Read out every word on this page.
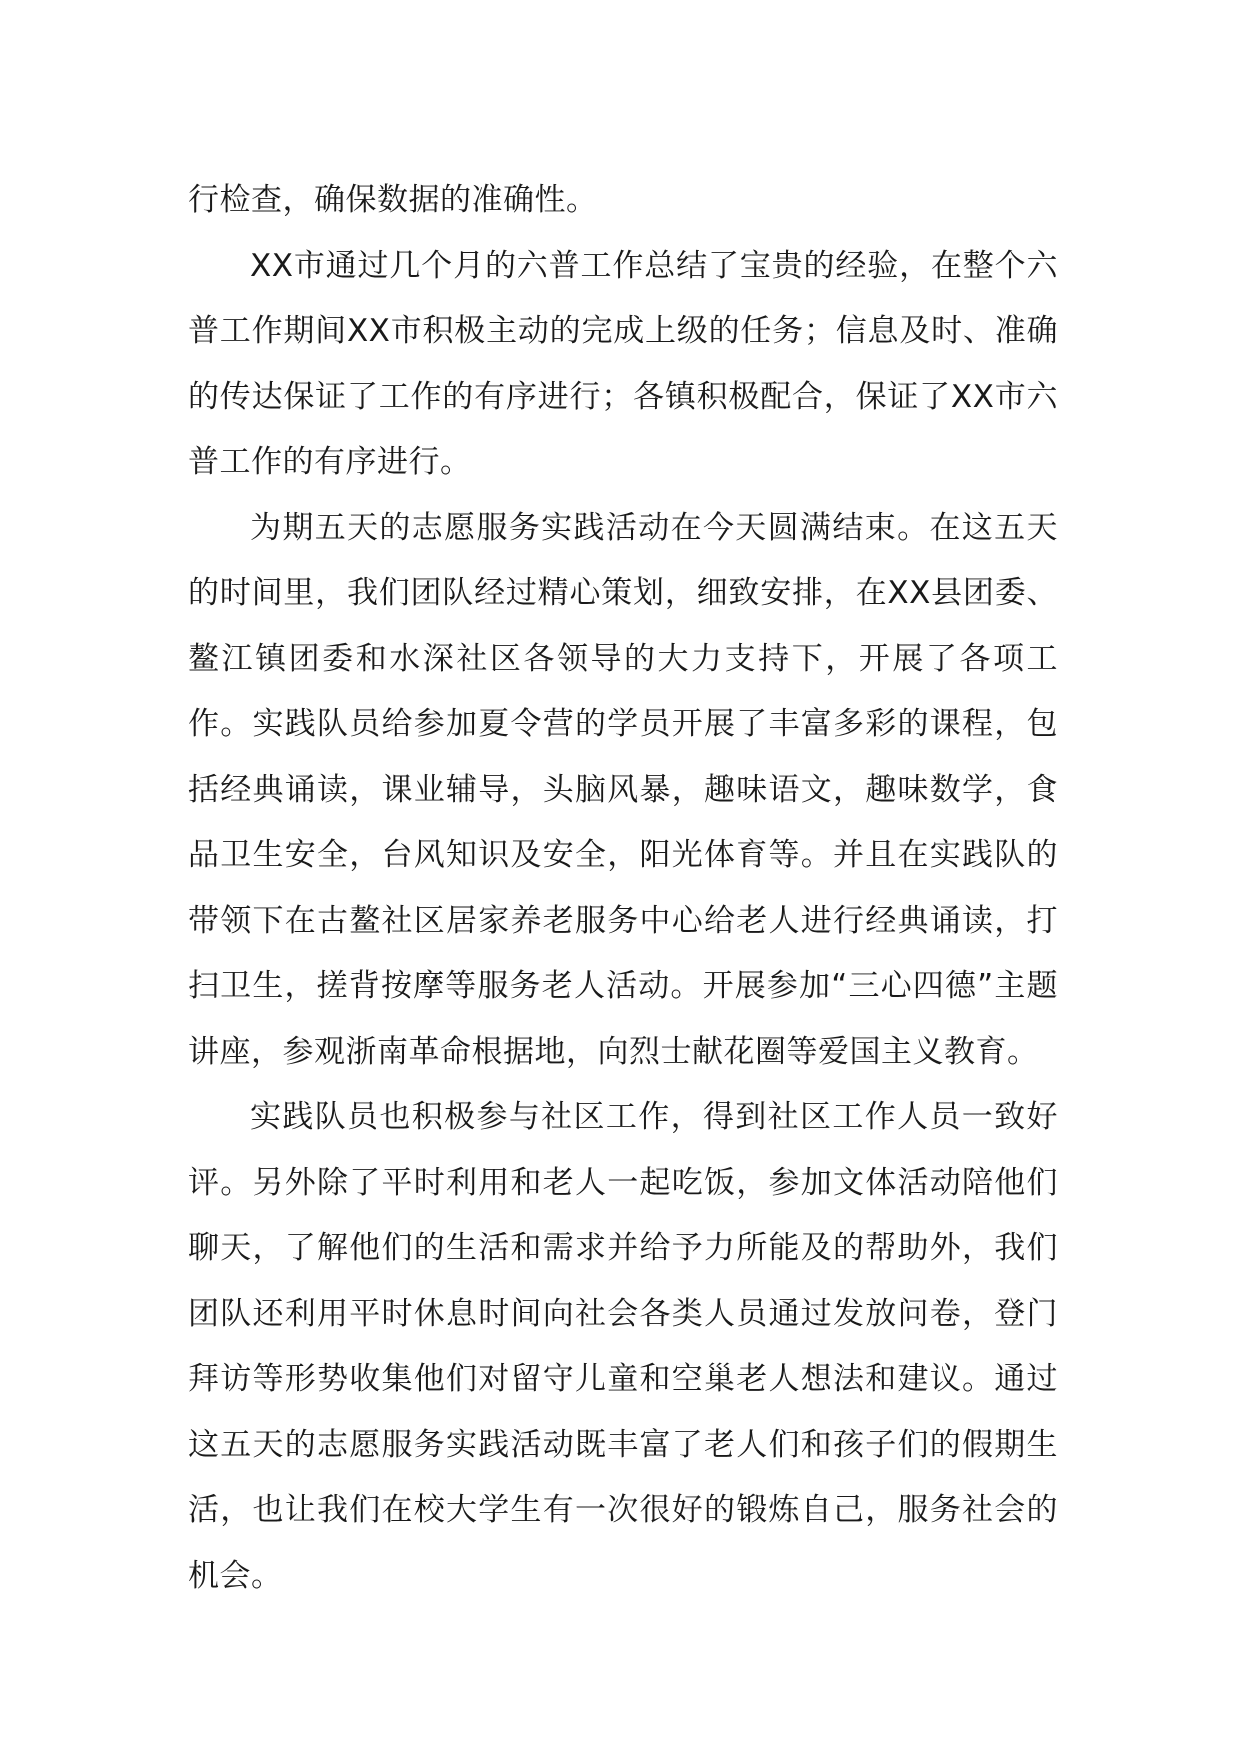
行检查，确保数据的准确性。

XX市通过几个月的六普工作总结了宝贵的经验，在整个六普工作期间XX市积极主动的完成上级的任务；信息及时、准确的传达保证了工作的有序进行；各镇积极配合，保证了XX市六普工作的有序进行。

为期五天的志愿服务实践活动在今天圆满结束。在这五天的时间里，我们团队经过精心策划，细致安排，在XX县团委、鳌江镇团委和水深社区各领导的大力支持下，开展了各项工作。实践队员给参加夏令营的学员开展了丰富多彩的课程，包括经典诵读，课业辅导，头脑风暴，趣味语文，趣味数学，食品卫生安全，台风知识及安全，阳光体育等。并且在实践队的带领下在古鳌社区居家养老服务中心给老人进行经典诵读，打扫卫生，搓背按摩等服务老人活动。开展参加“三心四德”主题讲座，参观浙南革命根据地，向烈士献花圈等爱国主义教育。

实践队员也积极参与社区工作，得到社区工作人员一致好评。另外除了平时利用和老人一起吃饭，参加文体活动陪他们聊天，了解他们的生活和需求并给予力所能及的帮助外，我们团队还利用平时休息时间向社会各类人员通过发放问卷，登门拜访等形势收集他们对留守儿童和空巢老人想法和建议。通过这五天的志愿服务实践活动既丰富了老人们和孩子们的假期生活，也让我们在校大学生有一次很好的锻炼自己，服务社会的机会。
